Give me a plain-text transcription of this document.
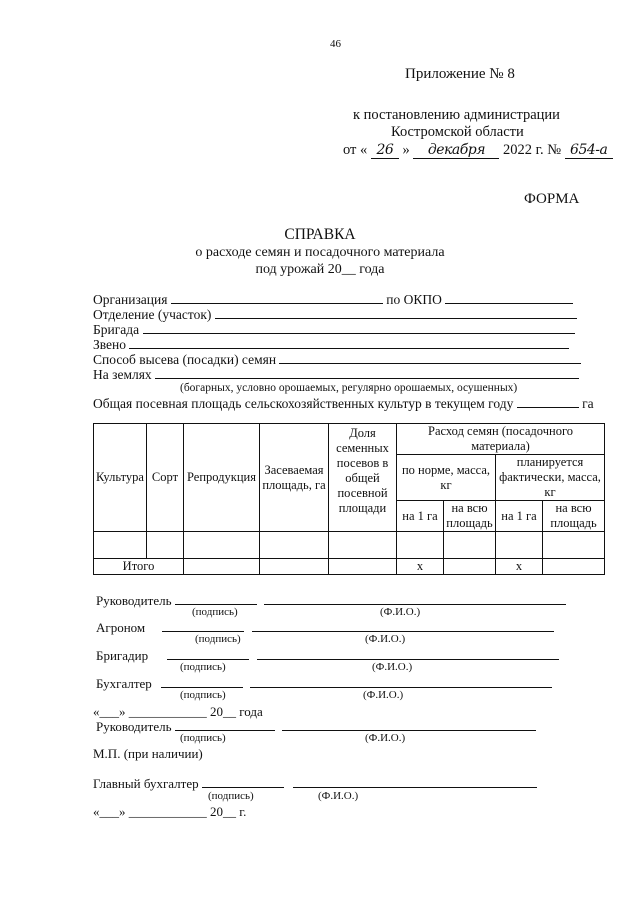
46
Приложение № 8
к постановлению администрации
Костромской области
от « 26 » декабря 2022 г. № 654-а
ФОРМА
СПРАВКА
о расходе семян и посадочного материала
под урожай 20__ года
Организация	по ОКПО
Отделение (участок)
Бригада
Звено
Способ высева (посадки) семян
На землях
(богарных, условно орошаемых, регулярно орошаемых, осушенных)
Общая посевная площадь сельскохозяйственных культур в текущем году	га
Культура	Сорт	Репродукция	Засеваемая площадь, га	Доля семенных посевов в общей посевной площади	Расход семян (посадочного материала)			
					по норме, масса, кг		планируется фактически, масса, кг	
					на 1 га	на всю площадь	на 1 га	на всю площадь

Итого					х		х	
Руководитель
(подпись)	(Ф.И.О.)
Агроном
(подпись)	(Ф.И.О.)
Бригадир
(подпись)	(Ф.И.О.)
Бухгалтер
(подпись)	(Ф.И.О.)
«___» ____________ 20__ года
Руководитель
(подпись)	(Ф.И.О.)
М.П. (при наличии)
Главный бухгалтер
(подпись)	(Ф.И.О.)
«___» ____________ 20__ г.
